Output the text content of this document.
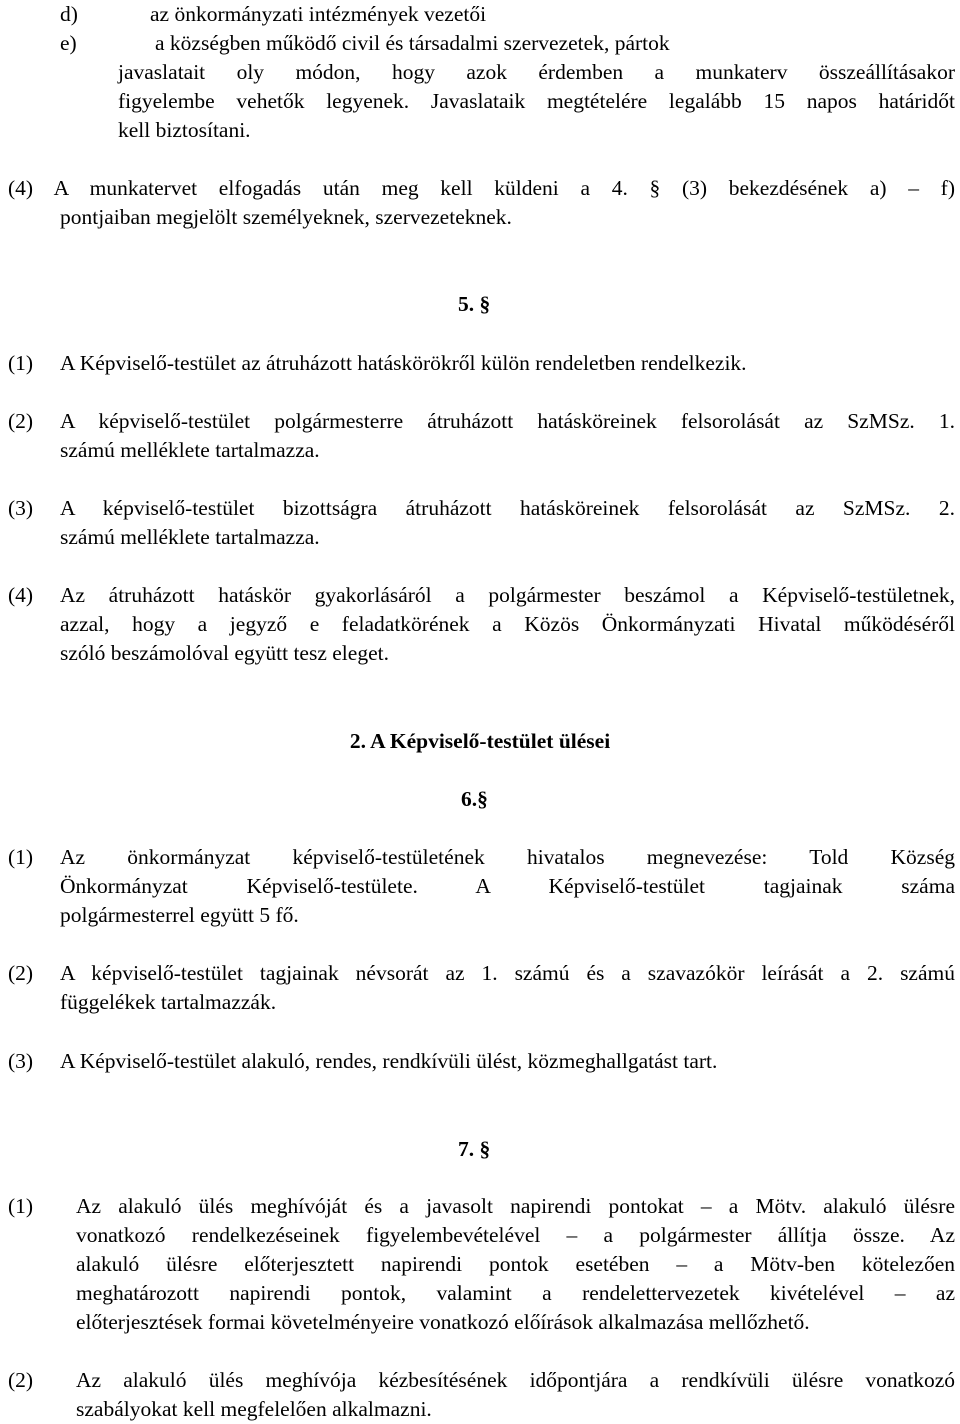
d)	az önkormányzati intézmények vezetői
e)	a községben működő civil és társadalmi szervezetek, pártok
javaslatait oly módon, hogy azok érdemben a munkaterv összeállításakor
figyelembe vehetők legyenek. Javaslataik megtételére legalább 15 napos határidőt
kell biztosítani.
(4) A munkatervet elfogadás után meg kell küldeni a 4. § (3) bekezdésének a) – f)
pontjaiban megjelölt személyeknek, szervezeteknek.
5. §
(1) A Képviselő-testület az átruházott hatáskörökről külön rendeletben rendelkezik.
(2) A képviselő-testület polgármesterre átruházott hatásköreinek felsorolását az SzMSz. 1.
számú melléklete tartalmazza.
(3) A képviselő-testület bizottságra átruházott hatásköreinek felsorolását az SzMSz. 2.
számú melléklete tartalmazza.
(4) Az átruházott hatáskör gyakorlásáról a polgármester beszámol a Képviselő-testületnek,
azzal, hogy a jegyző e feladatkörének a Közös Önkormányzati Hivatal működéséről
szóló beszámolóval együtt tesz eleget.
2. A Képviselő-testület ülései
6.§
(1) Az önkormányzat képviselő-testületének hivatalos megnevezése: Told Község
Önkormányzat Képviselő-testülete. A Képviselő-testület tagjainak száma
polgármesterrel együtt 5 fő.
(2) A képviselő-testület tagjainak névsorát az 1. számú és a szavazókör leírását a 2. számú
függelékek tartalmazzák.
(3) A Képviselő-testület alakuló, rendes, rendkívüli ülést, közmeghallgatást tart.
7. §
(1) Az alakuló ülés meghívóját és a javasolt napirendi pontokat – a Mötv. alakuló ülésre
vonatkozó rendelkezéseinek figyelembevételével – a polgármester állítja össze. Az
alakuló ülésre előterjesztett napirendi pontok esetében – a Mötv-ben kötelezően
meghatározott napirendi pontok, valamint a rendelettervezetek kivételével – az
előterjesztések formai követelményeire vonatkozó előírások alkalmazása mellőzhető.
(2) Az alakuló ülés meghívója kézbesítésének időpontjára a rendkívüli ülésre vonatkozó
szabályokat kell megfelelően alkalmazni.
